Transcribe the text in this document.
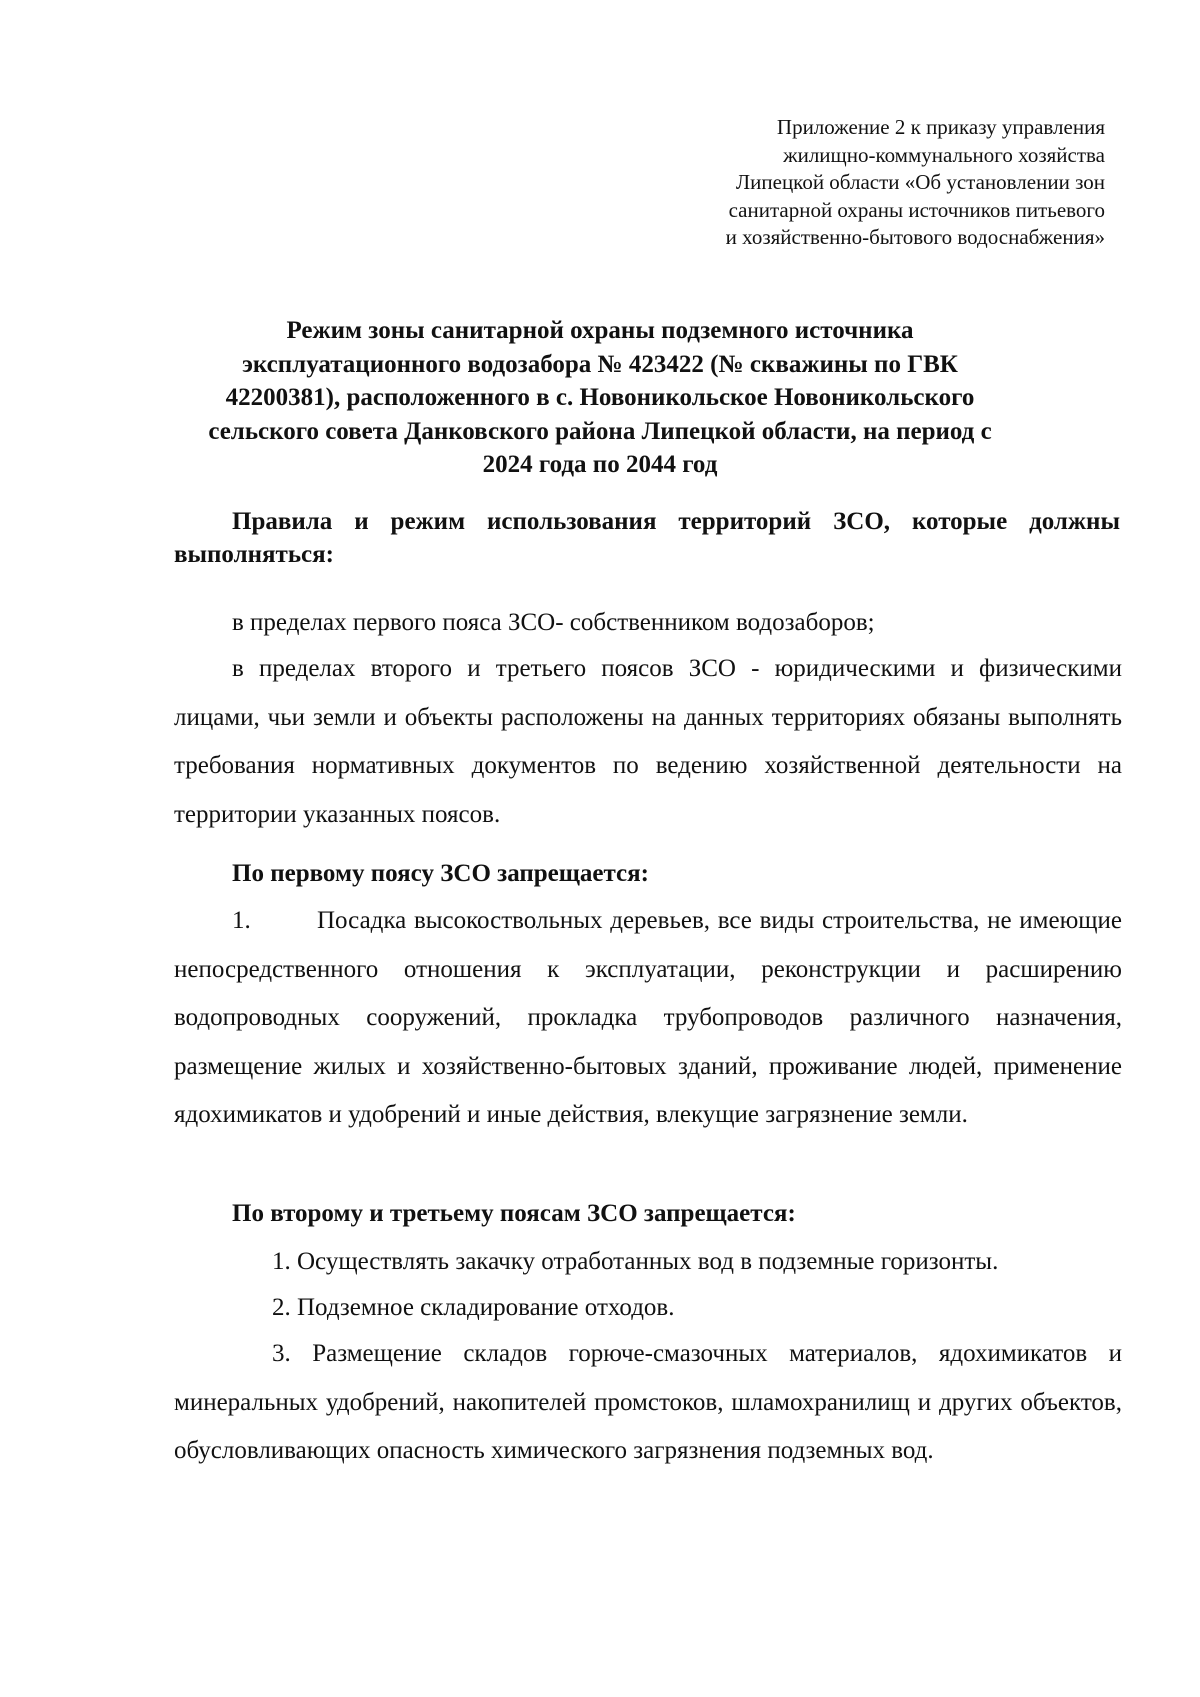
Приложение 2 к приказу управления
жилищно-коммунального хозяйства
Липецкой области «Об установлении зон
санитарной охраны источников питьевого
и хозяйственно-бытового водоснабжения»
Режим зоны санитарной охраны подземного источника
эксплуатационного водозабора № 423422 (№ скважины по ГВК
42200381), расположенного в с. Новоникольское Новоникольского
сельского совета Данковского района Липецкой области, на период с
2024 года по 2044 год
Правила и режим использования территорий ЗСО, которые должны выполняться:
в пределах первого пояса ЗСО- собственником водозаборов;
в пределах второго и третьего поясов ЗСО - юридическими и физическими лицами, чьи земли и объекты расположены на данных территориях обязаны выполнять требования нормативных документов по ведению хозяйственной деятельности на территории указанных поясов.
По первому поясу ЗСО запрещается:
1.	Посадка высокоствольных деревьев, все виды строительства, не имеющие непосредственного отношения к эксплуатации, реконструкции и расширению водопроводных сооружений, прокладка трубопроводов различного назначения, размещение жилых и хозяйственно-бытовых зданий, проживание людей, применение ядохимикатов и удобрений и иные действия, влекущие загрязнение земли.
По второму и третьему поясам ЗСО запрещается:
1. Осуществлять закачку отработанных вод в подземные горизонты.
2. Подземное складирование отходов.
3. Размещение складов горюче-смазочных материалов, ядохимикатов и минеральных удобрений, накопителей промстоков, шламохранилищ и других объектов, обусловливающих опасность химического загрязнения подземных вод.
